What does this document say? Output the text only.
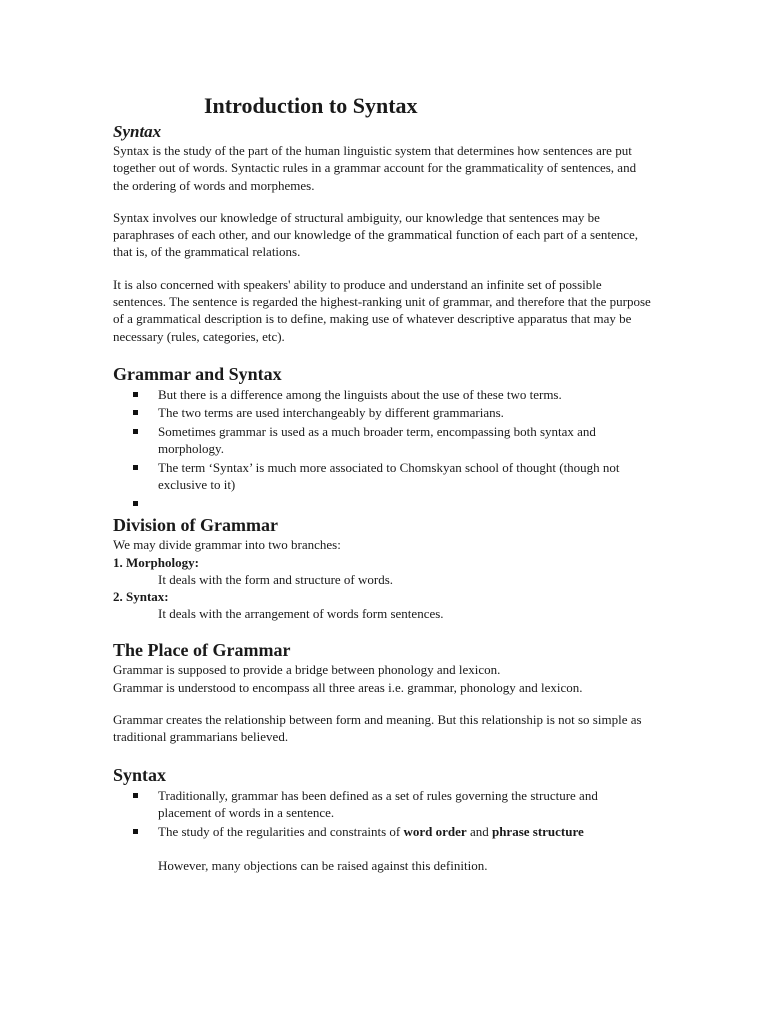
Introduction to Syntax
Syntax

Syntax is the study of the part of the human linguistic system that determines how sentences are put together out of words. Syntactic rules in a grammar account for the grammaticality of sentences, and the ordering of words and morphemes.

Syntax involves our knowledge of structural ambiguity, our knowledge that sentences may be paraphrases of each other, and our knowledge of the grammatical function of each part of a sentence, that is, of the grammatical relations.

It is also concerned with speakers' ability to produce and understand an infinite set of possible sentences. The sentence is regarded the highest-ranking unit of grammar, and therefore that the purpose of a grammatical description is to define, making use of whatever descriptive apparatus that may be necessary (rules, categories, etc).

Grammar and Syntax
But there is a difference among the linguists about the use of these two terms.
The two terms are used interchangeably by different grammarians.
Sometimes grammar is used as a much broader term, encompassing both syntax and morphology.
The term ‘Syntax’ is much more associated to Chomskyan school of thought (though not exclusive to it)
Division of Grammar

We may divide grammar into two branches:

1. Morphology:

It deals with the form and structure of words.

2. Syntax:

It deals with the arrangement of words form sentences.

The Place of Grammar

Grammar is supposed to provide a bridge between phonology and lexicon.

Grammar is understood to encompass all three areas i.e. grammar, phonology and lexicon.

Grammar creates the relationship between form and meaning. But this relationship is not so simple as traditional grammarians believed.

Syntax
Traditionally, grammar has been defined as a set of rules governing the structure and placement of words in a sentence.
The study of the regularities and constraints of word order and phrase structure

However, many objections can be raised against this definition.
